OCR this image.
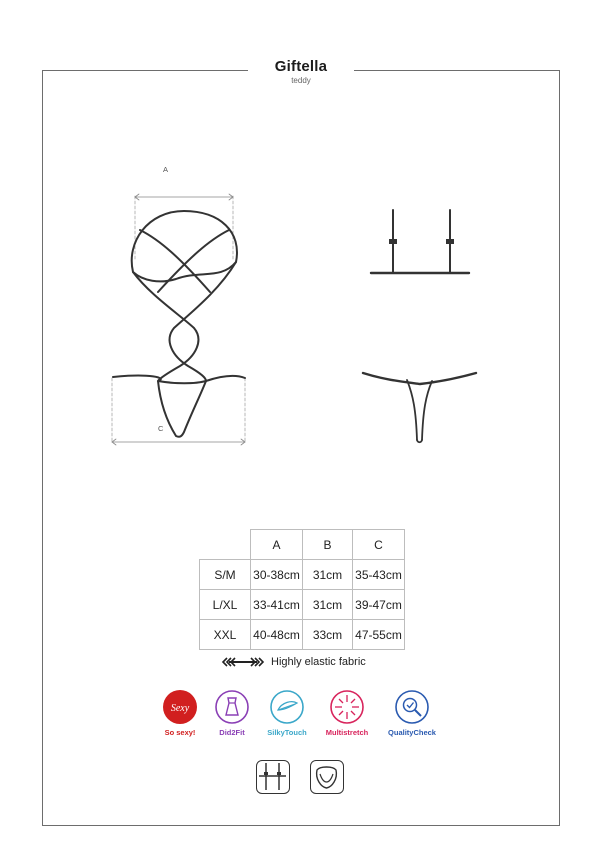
Giftella
teddy
A
C
	A	B	C
S/M	30-38cm	31cm	35-43cm
L/XL	33-41cm	31cm	39-47cm
XXL	40-48cm	33cm	47-55cm
Highly elastic fabric
Sexy
So sexy!	Did2Fit	SilkyTouch	Multistretch	QualityCheck
